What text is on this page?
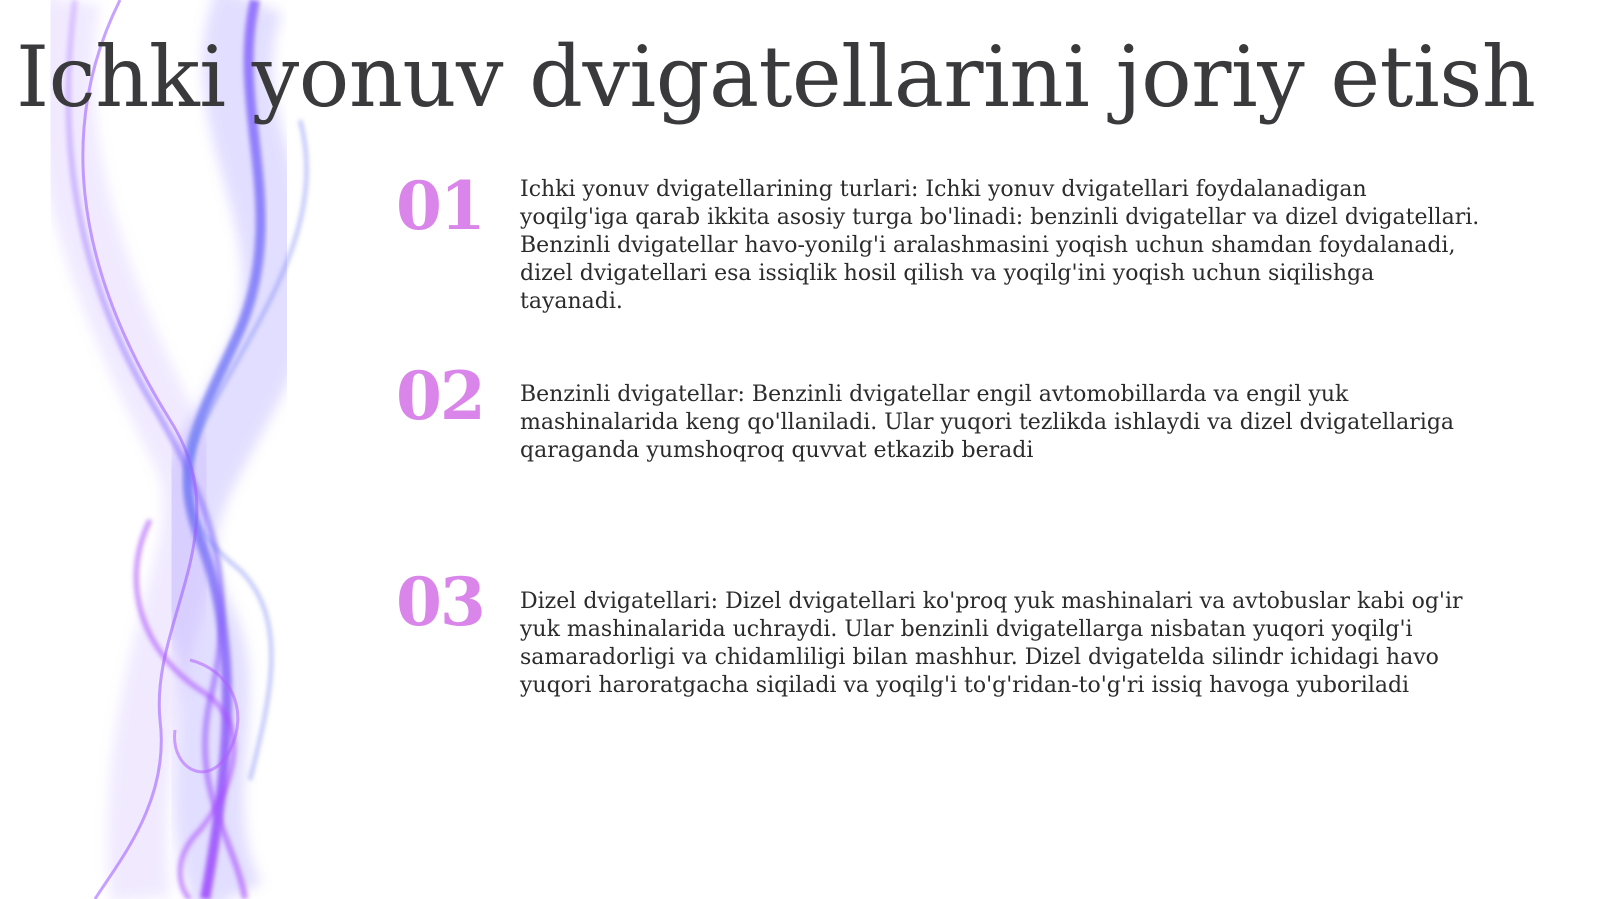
Ichki yonuv dvigatellarini joriy etish
01	Ichki yonuv dvigatellarining turlari: Ichki yonuv dvigatellari foydalanadigan yoqilg'iga qarab ikkita asosiy turga bo'linadi: benzinli dvigatellar va dizel dvigatellari. Benzinli dvigatellar havo-yonilg'i aralashmasini yoqish uchun shamdan foydalanadi, dizel dvigatellari esa issiqlik hosil qilish va yoqilg'ini yoqish uchun siqilishga tayanadi.

02	Benzinli dvigatellar: Benzinli dvigatellar engil avtomobillarda va engil yuk mashinalarida keng qo'llaniladi. Ular yuqori tezlikda ishlaydi va dizel dvigatellariga qaraganda yumshoqroq quvvat etkazib beradi

03	Dizel dvigatellari: Dizel dvigatellari ko'proq yuk mashinalari va avtobuslar kabi og'ir yuk mashinalarida uchraydi. Ular benzinli dvigatellarga nisbatan yuqori yoqilg'i samaradorligi va chidamliligi bilan mashhur. Dizel dvigatelda silindr ichidagi havo yuqori haroratgacha siqiladi va yoqilg'i to'g'ridan-to'g'ri issiq havoga yuboriladi
